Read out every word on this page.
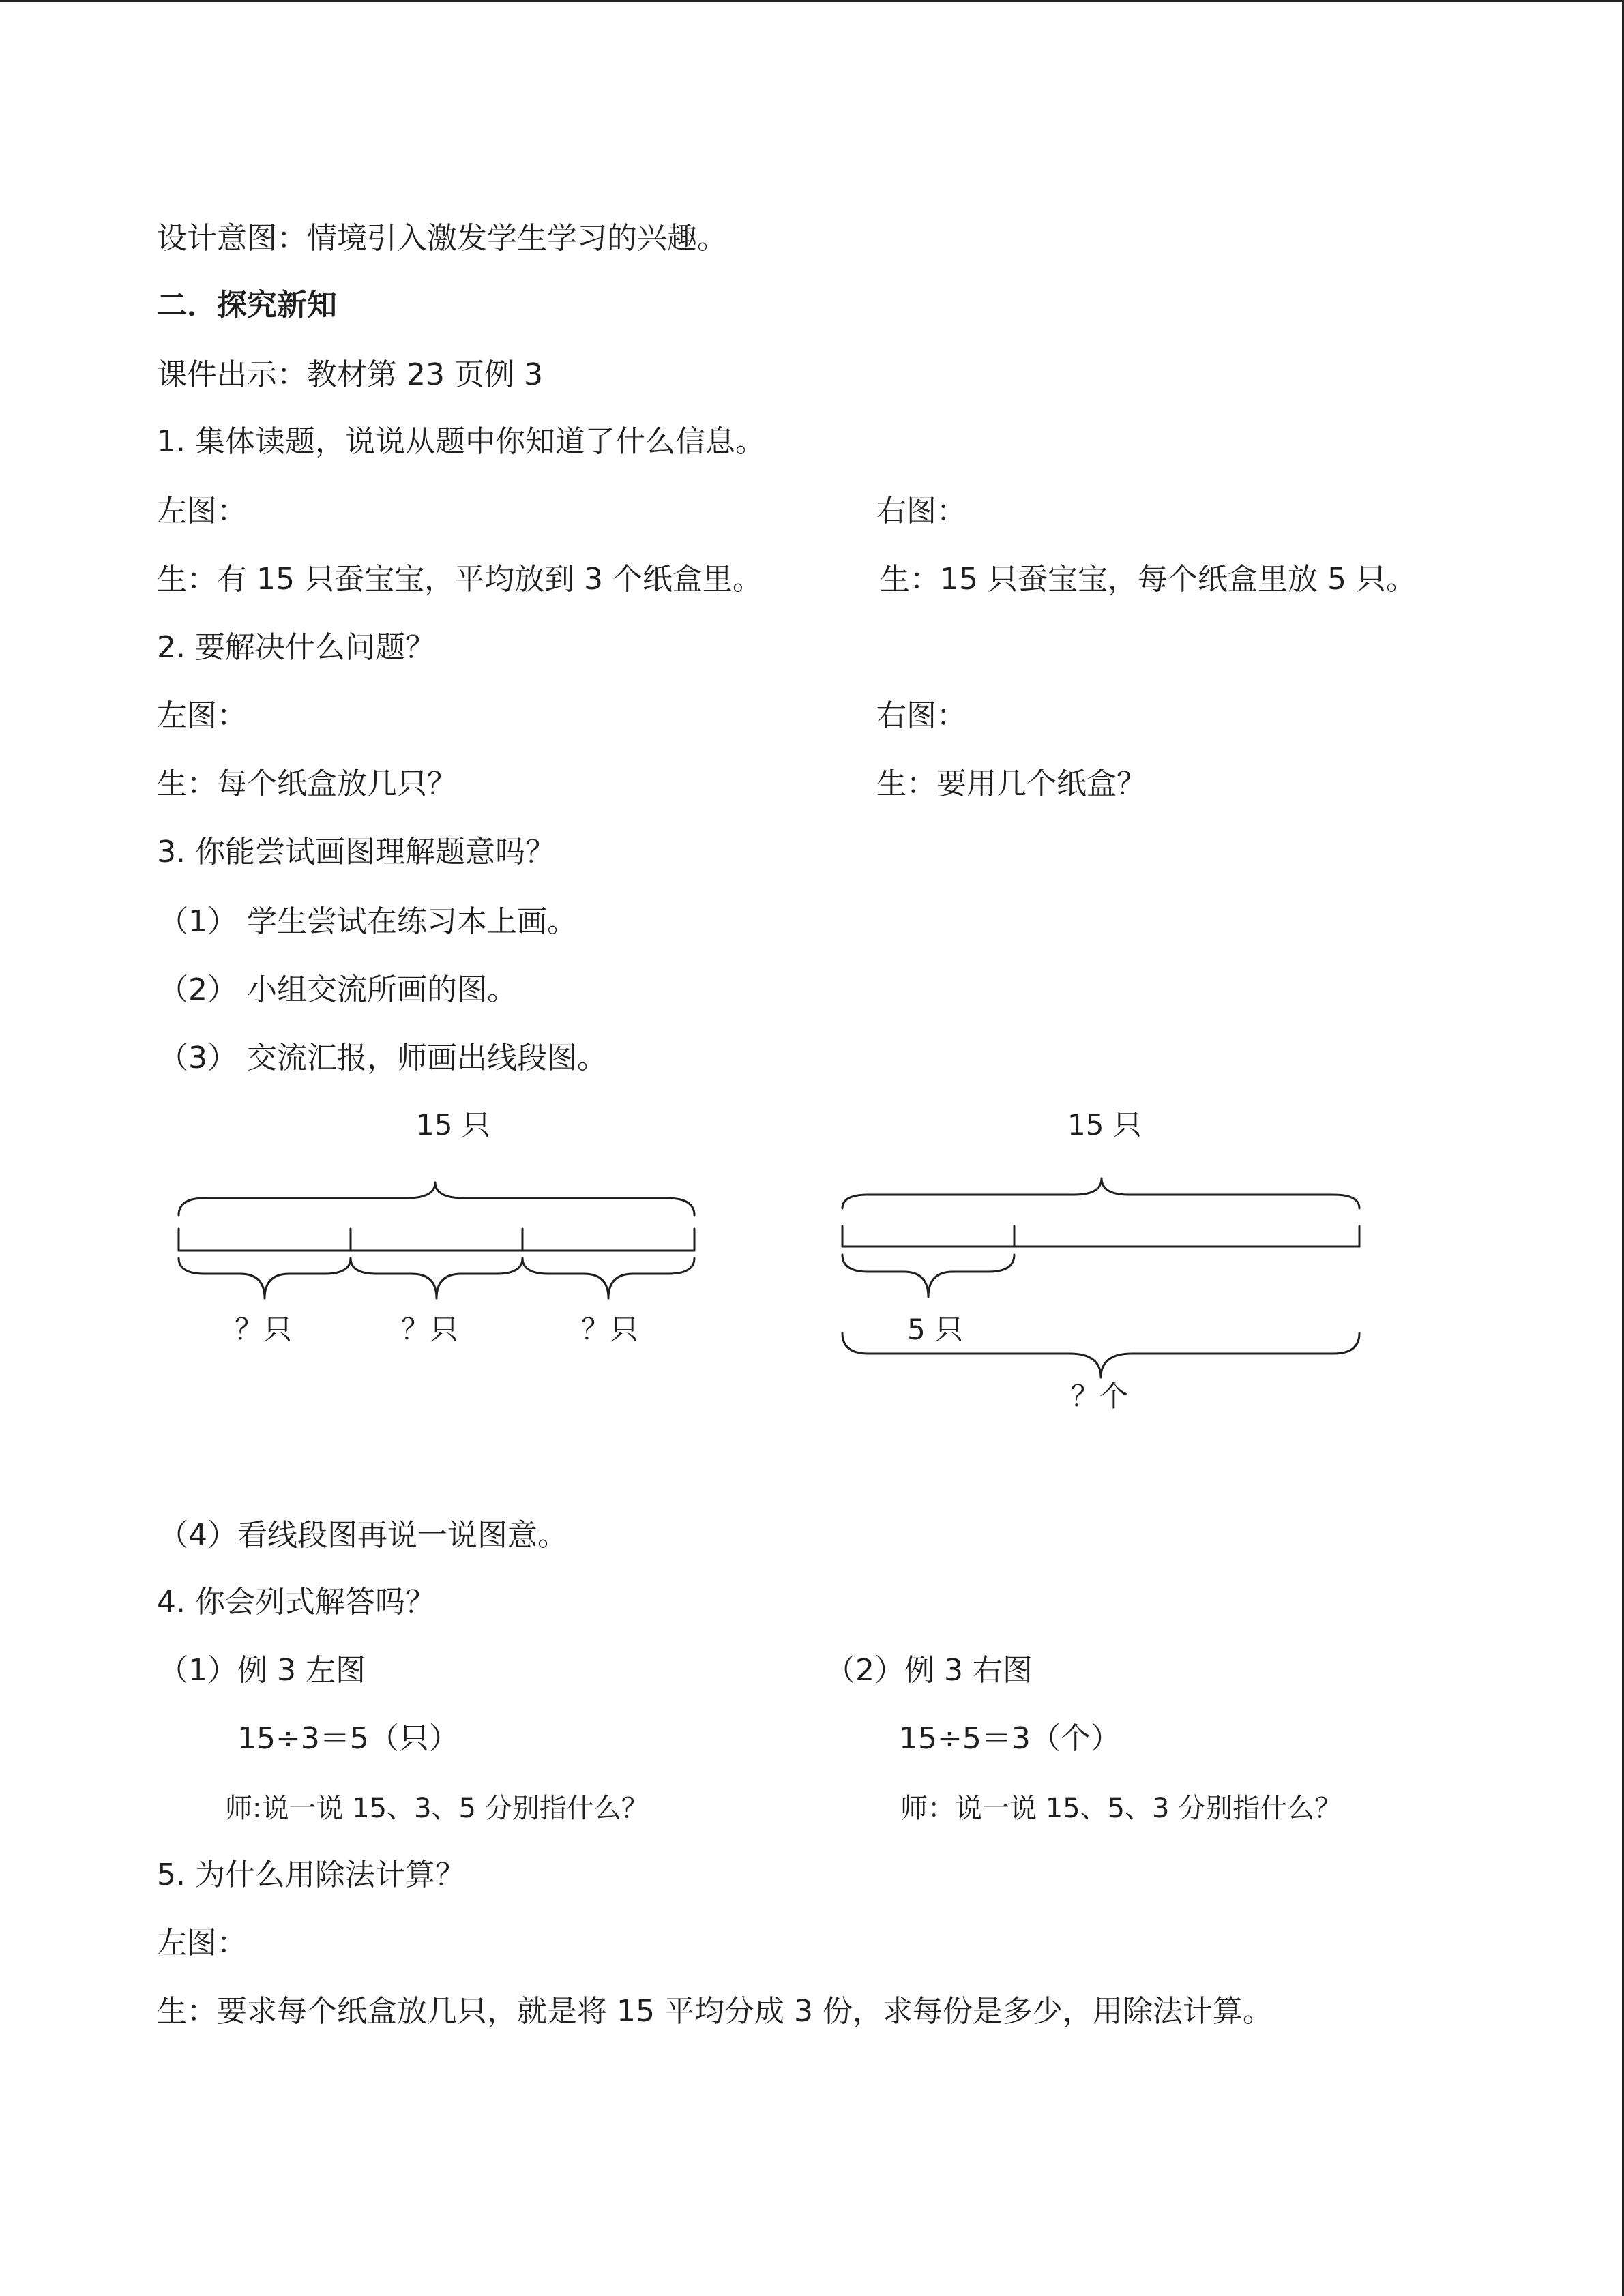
设计意图：情境引入激发学生学习的兴趣。
二．探究新知
课件出示：教材第 23 页例 3
1. 集体读题，说说从题中你知道了什么信息。
左图：	右图：
生：有 15 只蚕宝宝，平均放到 3 个纸盒里。	生：15 只蚕宝宝，每个纸盒里放 5 只。
2. 要解决什么问题？
左图：	右图：
生：每个纸盒放几只？	生：要用几个纸盒？
3. 你能尝试画图理解题意吗？
（1） 学生尝试在练习本上画。
（2） 小组交流所画的图。
（3） 交流汇报，师画出线段图。
15 只
？只	？只	？只
15 只
5 只
？个
（4）看线段图再说一说图意。
4. 你会列式解答吗？
（1）例 3 左图	（2）例 3 右图
15÷3＝5（只）	15÷5＝3（个）
师:说一说 15、3、5 分别指什么？	师：说一说 15、5、3 分别指什么？
5. 为什么用除法计算？
左图：
生：要求每个纸盒放几只，就是将 15 平均分成 3 份，求每份是多少，用除法计算。
